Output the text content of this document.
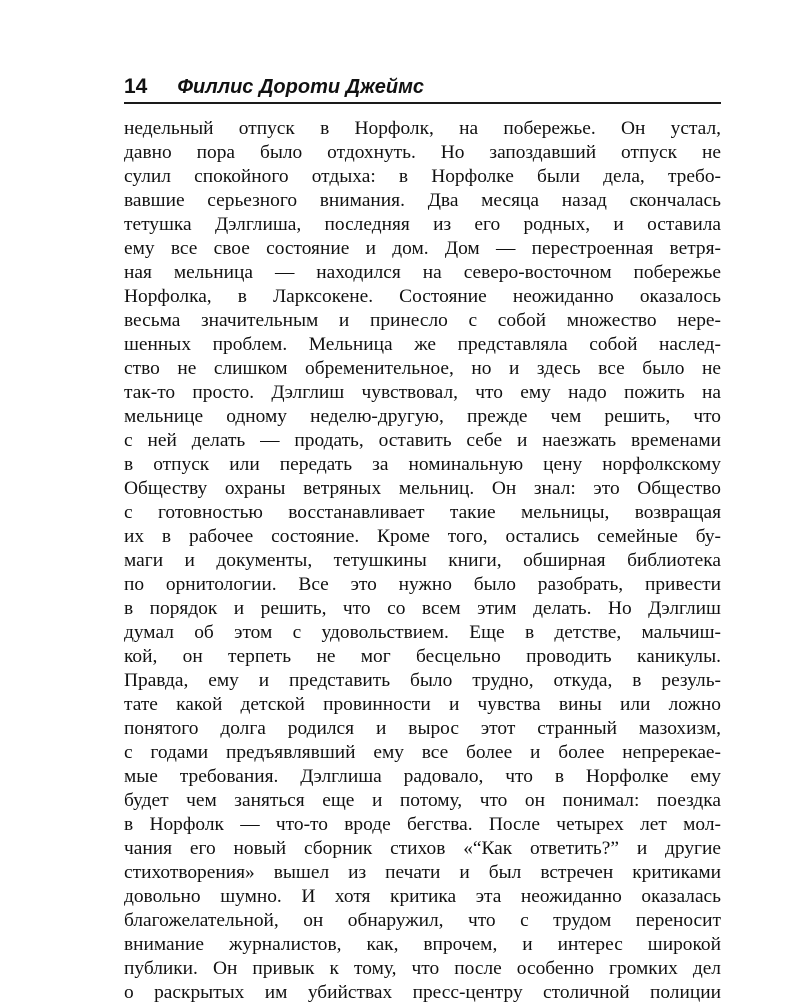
14 Филлис Дороти Джеймс
недельный отпуск в Норфолк, на побережье. Он устал,
давно пора было отдохнуть. Но запоздавший отпуск не
сулил спокойного отдыха: в Норфолке были дела, требо-
вавшие серьезного внимания. Два месяца назад скончалась
тетушка Дэлглиша, последняя из его родных, и оставила
ему все свое состояние и дом. Дом — перестроенная ветря-
ная мельница — находился на северо-восточном побережье
Норфолка, в Ларксокене. Состояние неожиданно оказалось
весьма значительным и принесло с собой множество нере-
шенных проблем. Мельница же представляла собой наслед-
ство не слишком обременительное, но и здесь все было не
так-то просто. Дэлглиш чувствовал, что ему надо пожить на
мельнице одному неделю-другую, прежде чем решить, что
с ней делать — продать, оставить себе и наезжать временами
в отпуск или передать за номинальную цену норфолкскому
Обществу охраны ветряных мельниц. Он знал: это Общество
с готовностью восстанавливает такие мельницы, возвращая
их в рабочее состояние. Кроме того, остались семейные бу-
маги и документы, тетушкины книги, обширная библиотека
по орнитологии. Все это нужно было разобрать, привести
в порядок и решить, что со всем этим делать. Но Дэлглиш
думал об этом с удовольствием. Еще в детстве, мальчиш-
кой, он терпеть не мог бесцельно проводить каникулы.
Правда, ему и представить было трудно, откуда, в резуль-
тате какой детской провинности и чувства вины или ложно
понятого долга родился и вырос этот странный мазохизм,
с годами предъявлявший ему все более и более непререкае-
мые требования. Дэлглиша радовало, что в Норфолке ему
будет чем заняться еще и потому, что он понимал: поездка
в Норфолк — что-то вроде бегства. После четырех лет мол-
чания его новый сборник стихов «“Как ответить?” и другие
стихотворения» вышел из печати и был встречен критиками
довольно шумно. И хотя критика эта неожиданно оказалась
благожелательной, он обнаружил, что с трудом переносит
внимание журналистов, как, впрочем, и интерес широкой
публики. Он привык к тому, что после особенно громких дел
о раскрытых им убийствах пресс-центру столичной полиции
